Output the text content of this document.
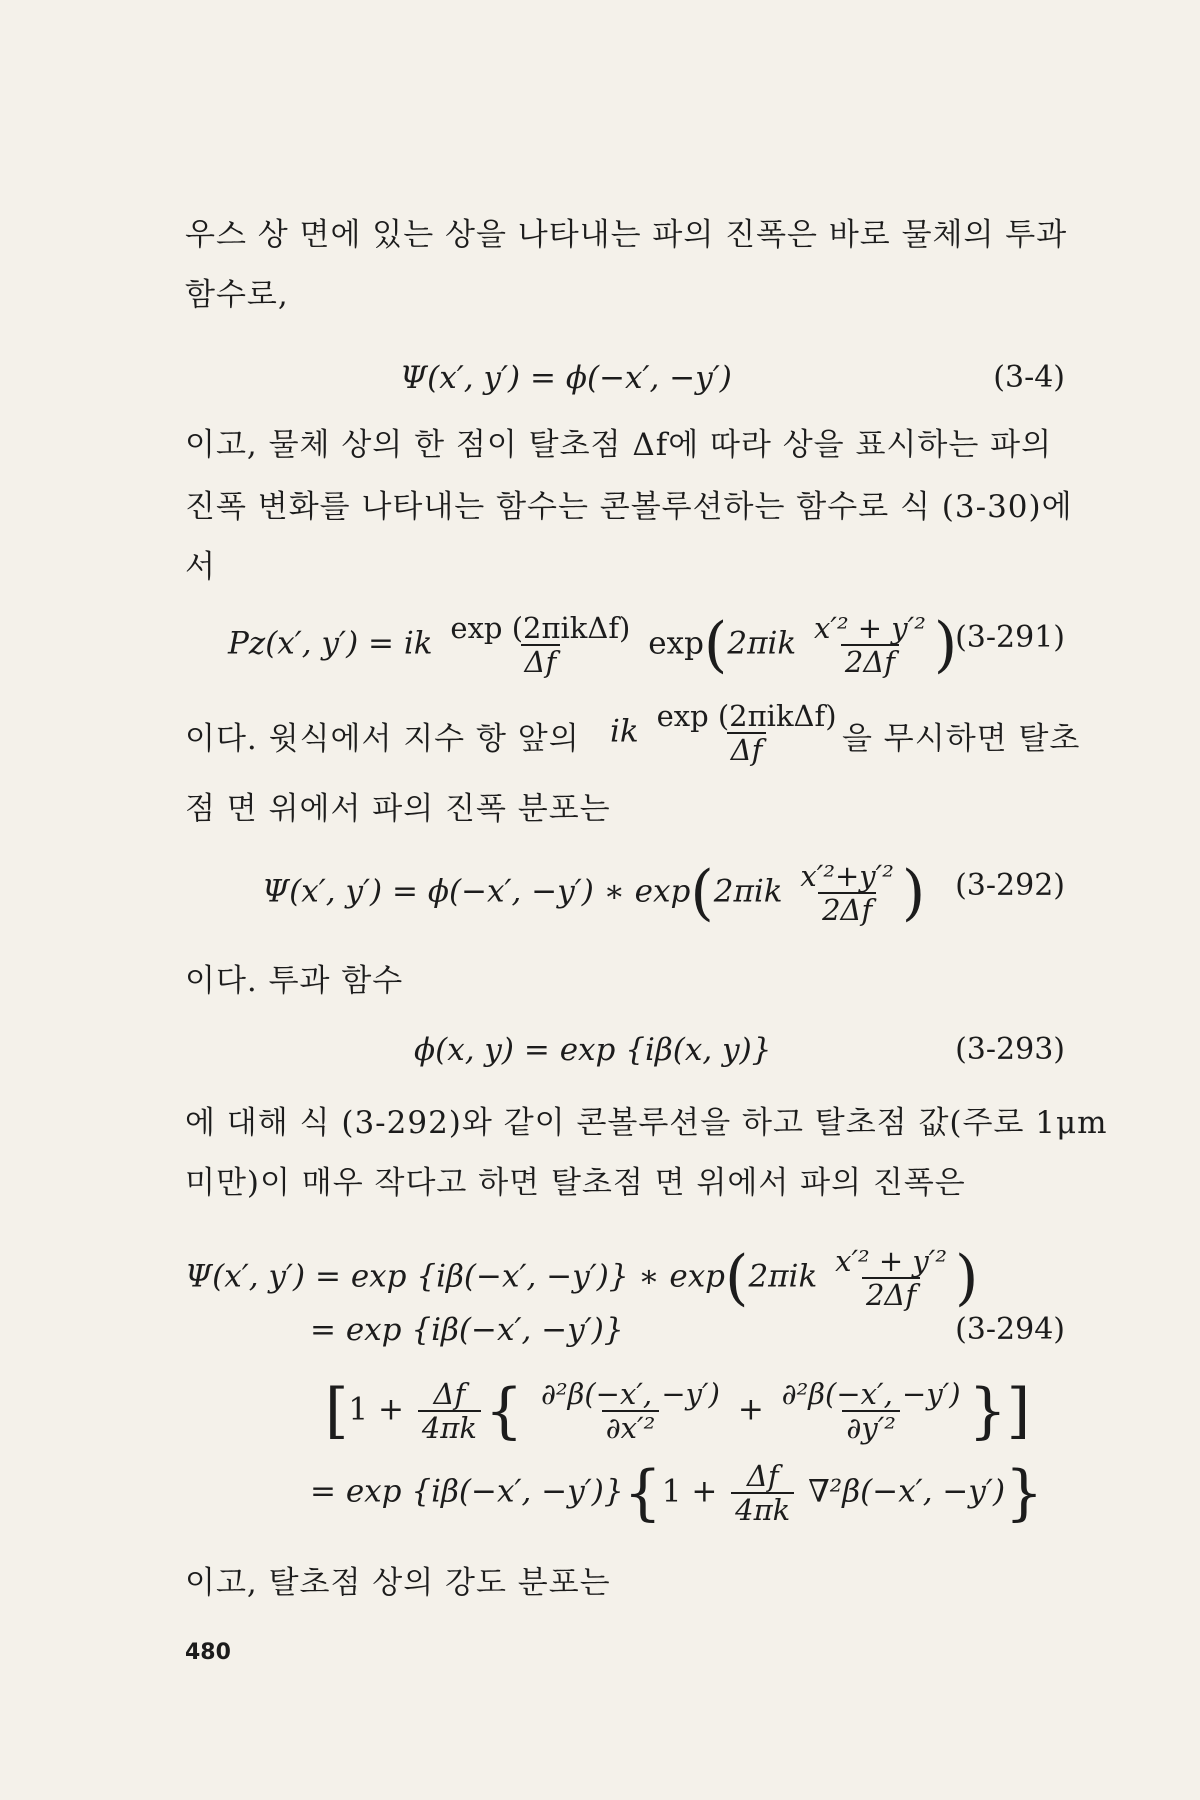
우스 상 면에 있는 상을 나타내는 파의 진폭은 바로 물체의 투과
함수로,
Ψ(x′, y′) = ϕ(−x′, −y′)	(3-4)
이고, 물체 상의 한 점이 탈초점 Δf에 따라 상을 표시하는 파의
진폭 변화를 나타내는 함수는 콘볼루션하는 함수로 식 (3-30)에
서
Pz(x′, y′) = ik $\frac{\text{exp (2πikΔf)}}{\Delta f} \exp(2\pi ik \frac{\text{x′² + y′²}}{2\Delta f}$ )
(3-291)
이다. 윗식에서 지수 항 앞의 ik $\frac{\text{exp (2πikΔf)}}{\Delta f}$ 을 무시하면 탈초
점 면 위에서 파의 진폭 분포는
Ψ(x′, y′) = ϕ(−x′, −y′) ∗ $\exp(2\pi ik \frac{\text{x′²+y′²}}{2\Delta f}$ ) (3-292)
이다. 투과 함수
ϕ(x, y) = exp {iβ(x, y)}	(3-293)
에 대해 식 (3-292)와 같이 콘볼루션을 하고 탈초점 값(주로 1μm
미만)이 매우 작다고 하면 탈초점 면 위에서 파의 진폭은
Ψ(x′, y′) = exp {iβ(−x′, −y′)} ∗ $\exp(2\pi ik \frac{\text{x′² + y′²}}{2\Delta f}$ )
= exp {iβ(−x′, −y′)}	(3-294)
[$1 + \frac{\Delta f}{4\pi k}$ { $\frac{\text{∂²β(−x′, −y′)}}{\text{∂x′²}} + \frac{\text{∂²β(−x′, −y′)}}{\text{∂y′²}}$ }]
= exp {iβ(−x′, $-y')\}\{1 + \frac{\Delta f}{4\pi k} \nabla^2\beta(-x'$, −y′)}
이고, 탈초점 상의 강도 분포는
480
